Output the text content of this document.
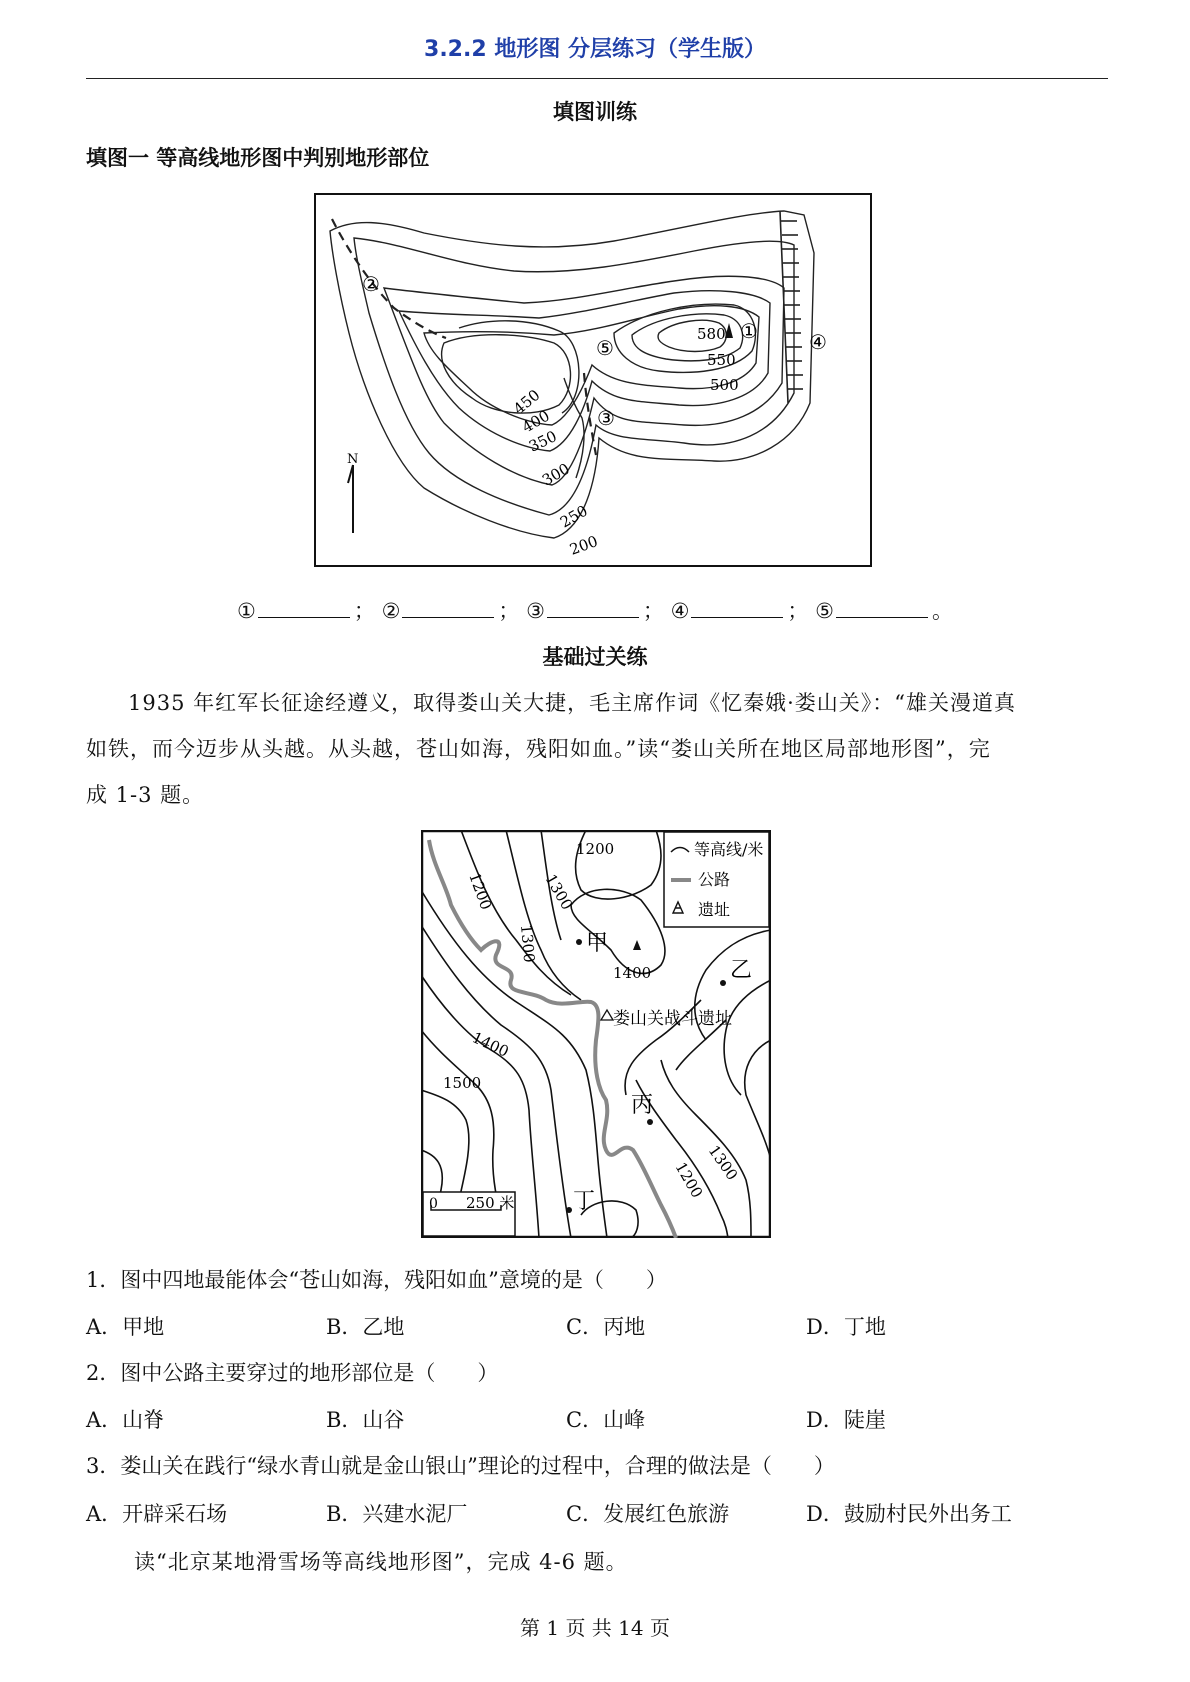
3.2.2 地形图 分层练习（学生版）
填图训练
填图一 等高线地形图中判别地形部位
①
②
③
④
⑤
580
550
500
450
400
350
300
250
200
N
①	； ②	； ③	； ④	； ⑤	。
基础过关练
1935 年红军长征途经遵义，取得娄山关大捷，毛主席作词《忆秦娥·娄山关》：“雄关漫道真
如铁，而今迈步从头越。从头越，苍山如海，残阳如血。”读“娄山关所在地区局部地形图”，完
成 1-3 题。
等高线/米
公路
遗址
甲
1400	乙
娄山关战斗遗址
丙
丁
1200
1200	1300
1300
1400
1500
1300
1200
0 250 米
1．图中四地最能体会“苍山如海，残阳如血”意境的是（　　）
A．甲地	B．乙地	C．丙地	D．丁地
2．图中公路主要穿过的地形部位是（　　）
A．山脊	B．山谷	C．山峰	D．陡崖
3．娄山关在践行“绿水青山就是金山银山”理论的过程中，合理的做法是（　　）
A．开辟采石场	B．兴建水泥厂	C．发展红色旅游	D．鼓励村民外出务工
读“北京某地滑雪场等高线地形图”，完成 4-6 题。
第 1 页 共 14 页
